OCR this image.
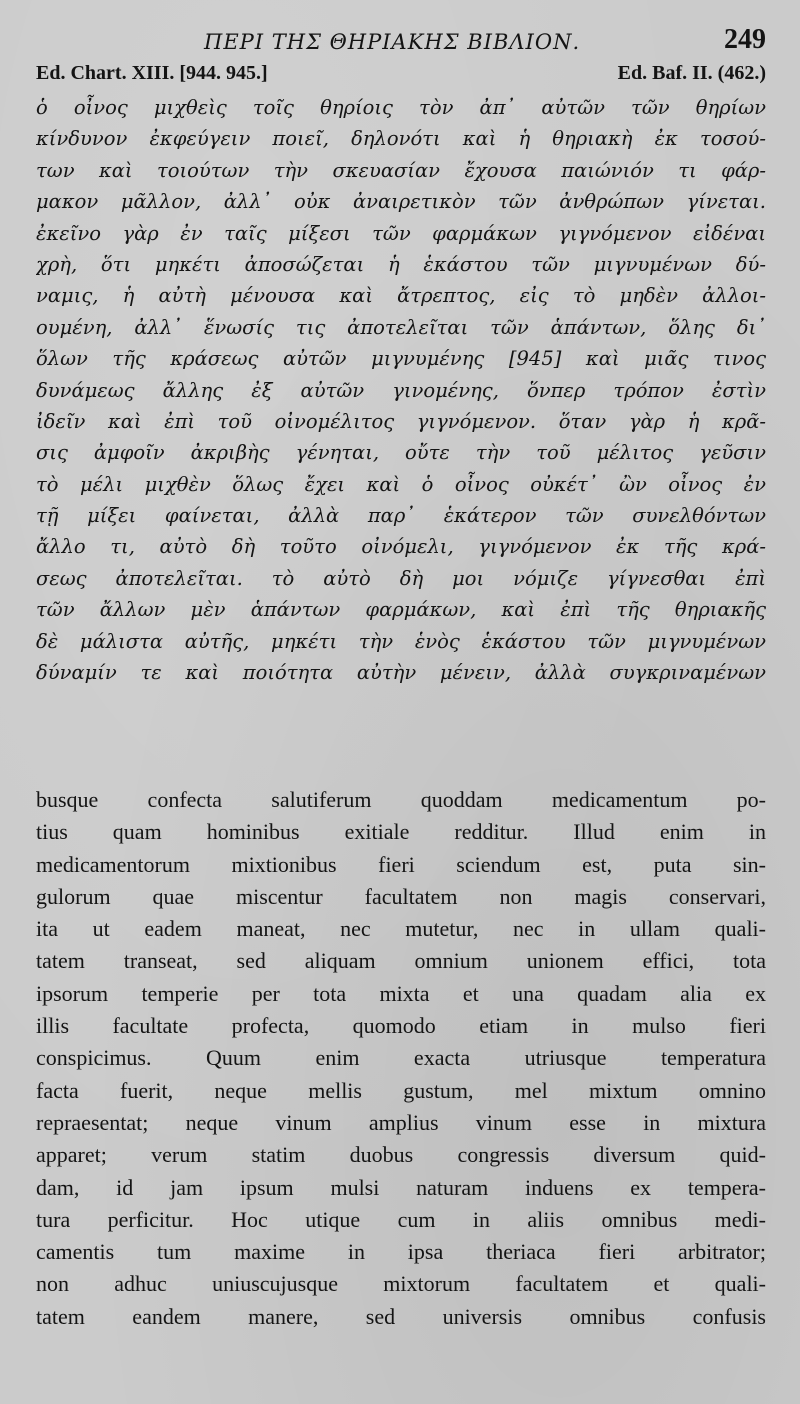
ΠΕΡΙ ΤΗΣ ΘΗΡΙΑΚΗΣ ΒΙΒΛΙΟΝ.	249
Ed. Chart. XIII. [944. 945.]	Ed. Baf. II. (462.)
ὁ οἶνος μιχθεὶς τοῖς θηρίοις τὸν ἀπ᾽ αὐτῶν τῶν θηρίων
κίνδυνον ἐκφεύγειν ποιεῖ, δηλονότι καὶ ἡ θηριακὴ ἐκ τοσού-
των καὶ τοιούτων τὴν σκευασίαν ἔχουσα παιώνιόν τι φάρ-
μακον μᾶλλον, ἀλλ᾽ οὐκ ἀναιρετικὸν τῶν ἀνθρώπων γίνεται.
ἐκεῖνο γὰρ ἐν ταῖς μίξεσι τῶν φαρμάκων γιγνόμενον εἰδέναι
χρὴ, ὅτι μηκέτι ἀποσώζεται ἡ ἑκάστου τῶν μιγνυμένων δύ-
ναμις, ἡ αὐτὴ μένουσα καὶ ἄτρεπτος, εἰς τὸ μηδὲν ἀλλοι-
ουμένη, ἀλλ᾽ ἕνωσίς τις ἀποτελεῖται τῶν ἁπάντων, ὅλης δι᾽
ὅλων τῆς κράσεως αὐτῶν μιγνυμένης [945] καὶ μιᾶς τινος
δυνάμεως ἄλλης ἐξ αὐτῶν γινομένης, ὅνπερ τρόπον ἐστὶν
ἰδεῖν καὶ ἐπὶ τοῦ οἰνομέλιτος γιγνόμενον. ὅταν γὰρ ἡ κρᾶ-
σις ἀμφοῖν ἀκριβὴς γένηται, οὔτε τὴν τοῦ μέλιτος γεῦσιν
τὸ μέλι μιχθὲν ὅλως ἔχει καὶ ὁ οἶνος οὐκέτ᾽ ὢν οἶνος ἐν
τῇ μίξει φαίνεται, ἀλλὰ παρ᾽ ἑκάτερον τῶν συνελθόντων
ἄλλο τι, αὐτὸ δὴ τοῦτο οἰνόμελι, γιγνόμενον ἐκ τῆς κρά-
σεως ἀποτελεῖται. τὸ αὐτὸ δὴ μοι νόμιζε γίγνεσθαι ἐπὶ
τῶν ἄλλων μὲν ἁπάντων φαρμάκων, καὶ ἐπὶ τῆς θηριακῆς
δὲ μάλιστα αὐτῆς, μηκέτι τὴν ἑνὸς ἑκάστου τῶν μιγνυμένων
δύναμίν τε καὶ ποιότητα αὐτὴν μένειν, ἀλλὰ συγκριναμένων
busque confecta salutiferum quoddam medicamentum po-
tius quam hominibus exitiale redditur. Illud enim in
medicamentorum mixtionibus fieri sciendum est, puta sin-
gulorum quae miscentur facultatem non magis conservari,
ita ut eadem maneat, nec mutetur, nec in ullam quali-
tatem transeat, sed aliquam omnium unionem effici, tota
ipsorum temperie per tota mixta et una quadam alia ex
illis facultate profecta, quomodo etiam in mulso fieri
conspicimus. Quum enim exacta utriusque temperatura
facta fuerit, neque mellis gustum, mel mixtum omnino
repraesentat; neque vinum amplius vinum esse in mixtura
apparet; verum statim duobus congressis diversum quid-
dam, id jam ipsum mulsi naturam induens ex tempera-
tura perficitur. Hoc utique cum in aliis omnibus medi-
camentis tum maxime in ipsa theriaca fieri arbitrator;
non adhuc uniuscujusque mixtorum facultatem et quali-
tatem eandem manere, sed universis omnibus confusis
